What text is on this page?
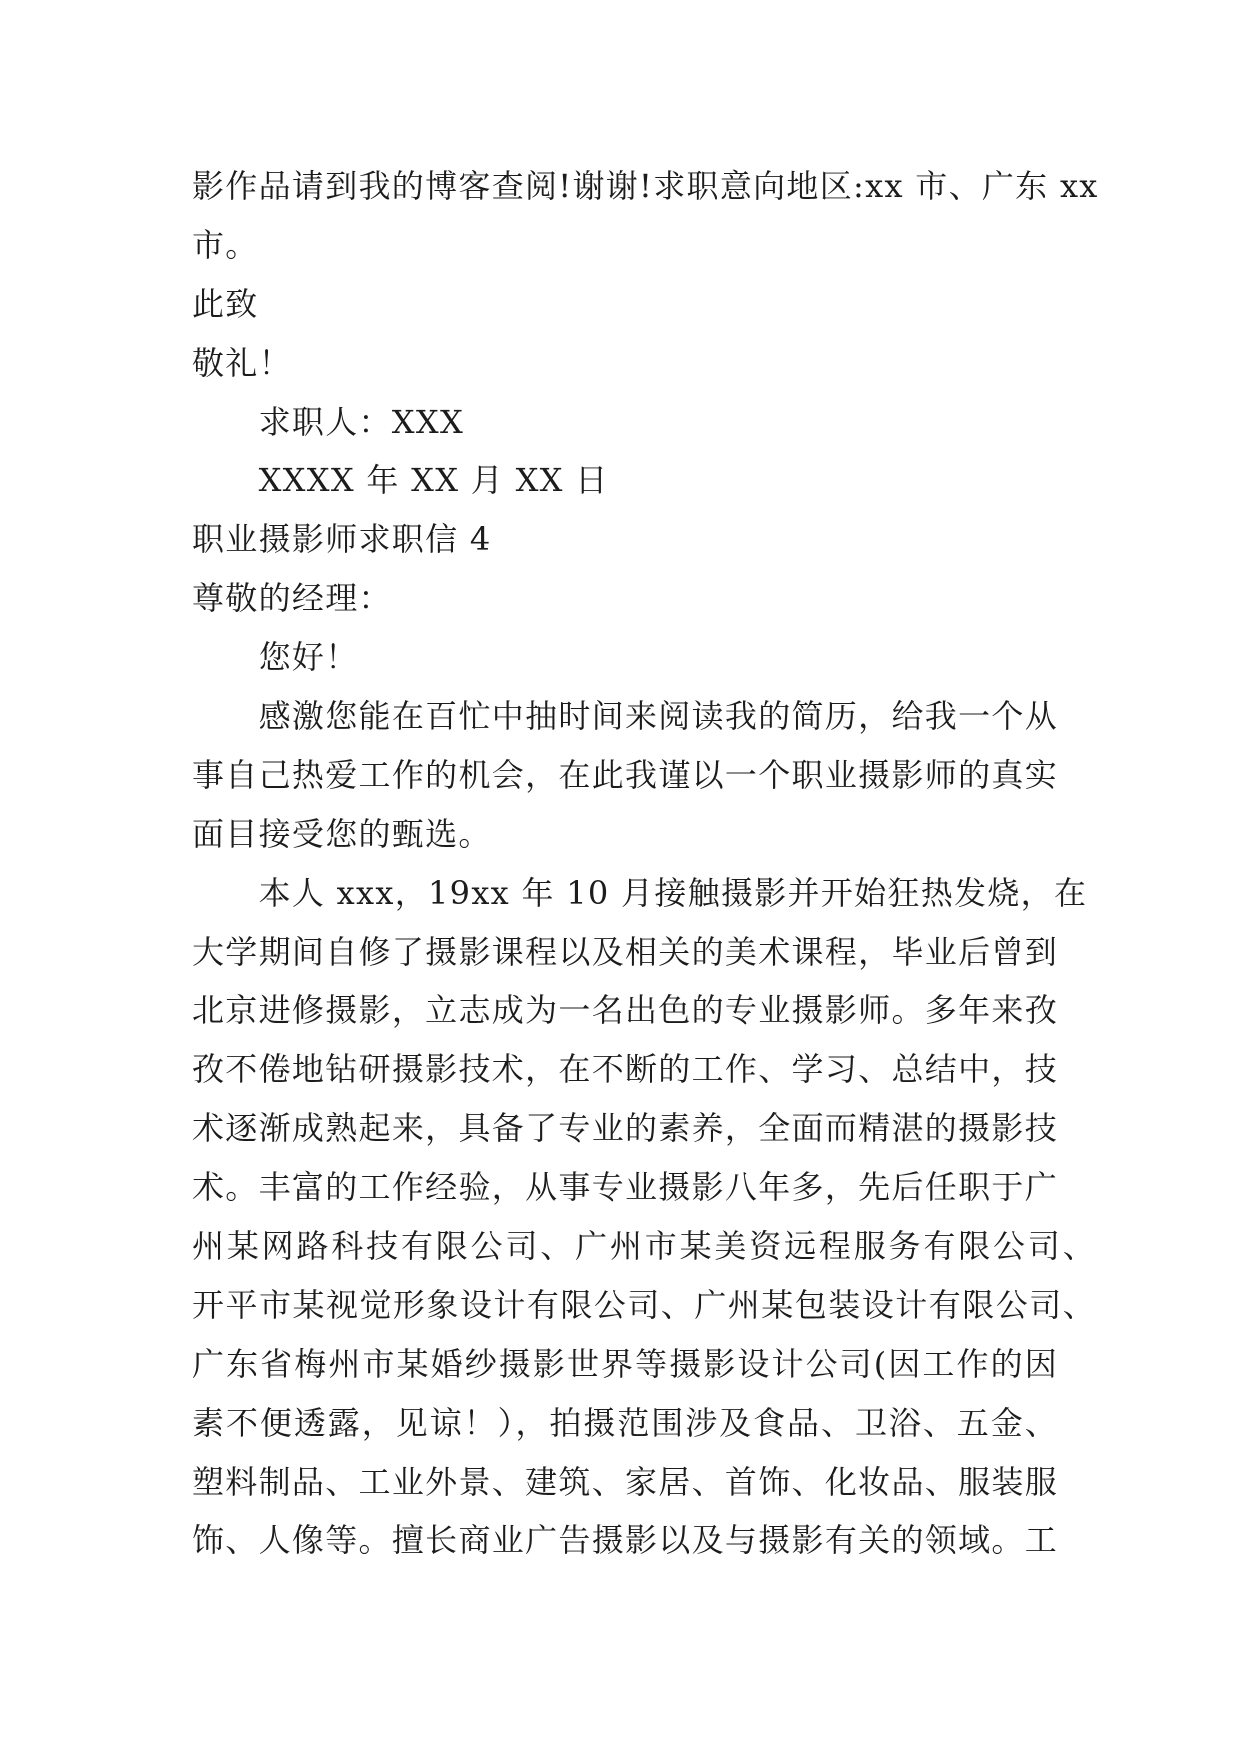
影作品请到我的博客查阅!谢谢!求职意向地区:xx 市、广东 xx
市。
此致
敬礼！
求职人：XXX
XXXX 年 XX 月 XX 日
职业摄影师求职信 4
尊敬的经理：
您好！
感激您能在百忙中抽时间来阅读我的简历，给我一个从
事自己热爱工作的机会，在此我谨以一个职业摄影师的真实
面目接受您的甄选。
本人 xxx，19xx 年 10 月接触摄影并开始狂热发烧，在
大学期间自修了摄影课程以及相关的美术课程，毕业后曾到
北京进修摄影，立志成为一名出色的专业摄影师。多年来孜
孜不倦地钻研摄影技术，在不断的工作、学习、总结中，技
术逐渐成熟起来，具备了专业的素养，全面而精湛的摄影技
术。丰富的工作经验，从事专业摄影八年多，先后任职于广
州某网路科技有限公司、广州市某美资远程服务有限公司、
开平市某视觉形象设计有限公司、广州某包装设计有限公司、
广东省梅州市某婚纱摄影世界等摄影设计公司(因工作的因
素不便透露，见谅！），拍摄范围涉及食品、卫浴、五金、
塑料制品、工业外景、建筑、家居、首饰、化妆品、服装服
饰、人像等。擅长商业广告摄影以及与摄影有关的领域。工
